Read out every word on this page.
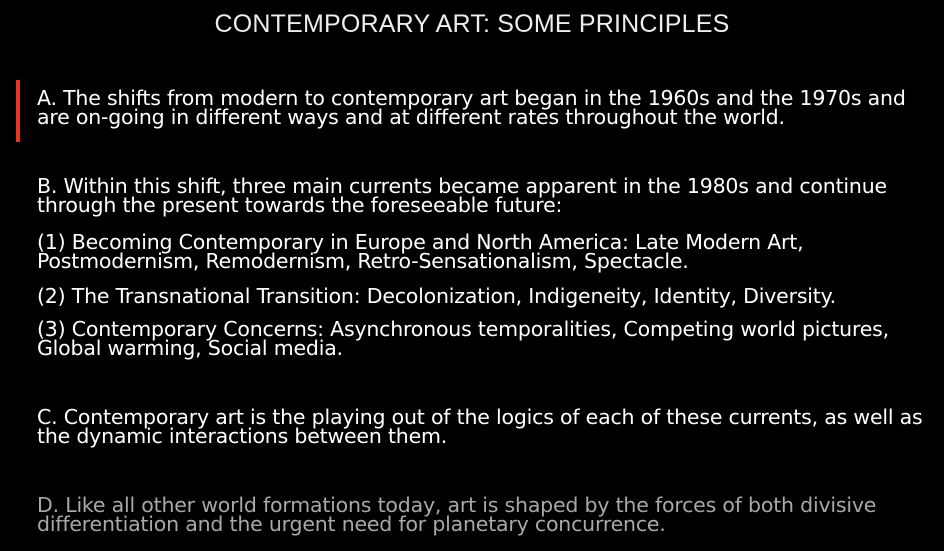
CONTEMPORARY ART: SOME PRINCIPLES

A. The shifts from modern to contemporary art began in the 1960s and the 1970s and are on-going in different ways and at different rates throughout the world.

B. Within this shift, three main currents became apparent in the 1980s and continue through the present towards the foreseeable future:

(1) Becoming Contemporary in Europe and North America: Late Modern Art, Postmodernism, Remodernism, Retro-Sensationalism, Spectacle.

(2) The Transnational Transition: Decolonization, Indigeneity, Identity, Diversity.

(3) Contemporary Concerns: Asynchronous temporalities, Competing world pictures, Global warming, Social media.

C. Contemporary art is the playing out of the logics of each of these currents, as well as the dynamic interactions between them.

D. Like all other world formations today, art is shaped by the forces of both divisive differentiation and the urgent need for planetary concurrence.
